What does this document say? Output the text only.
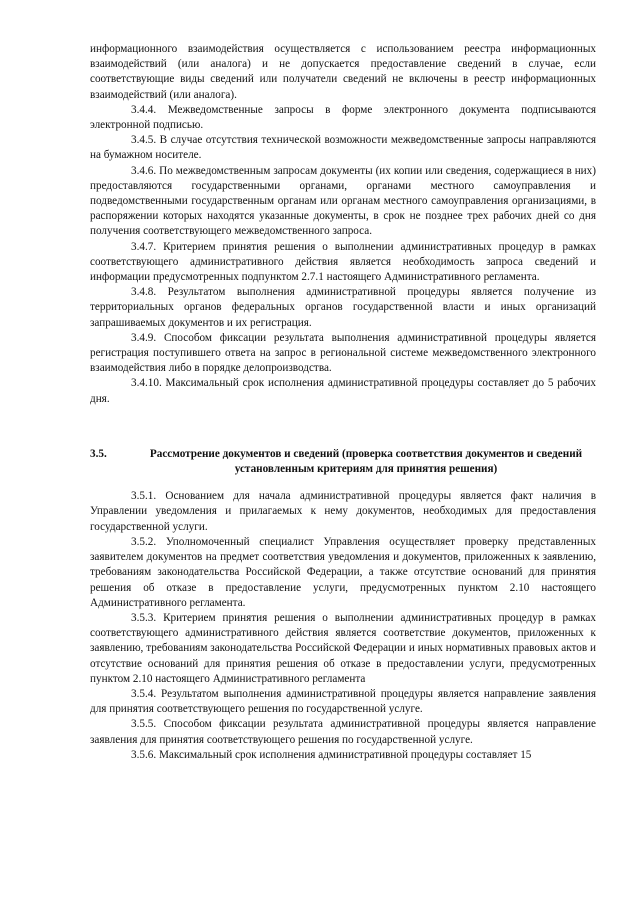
информационного взаимодействия осуществляется с использованием реестра информационных взаимодействий (или аналога) и не допускается предоставление сведений в случае, если соответствующие виды сведений или получатели сведений не включены в реестр информационных взаимодействий (или аналога).

3.4.4. Межведомственные запросы в форме электронного документа подписываются электронной подписью.

3.4.5. В случае отсутствия технической возможности межведомственные запросы направляются на бумажном носителе.

3.4.6. По межведомственным запросам документы (их копии или сведения, содержащиеся в них) предоставляются государственными органами, органами местного самоуправления и подведомственными государственным органам или органам местного самоуправления организациями, в распоряжении которых находятся указанные документы, в срок не позднее трех рабочих дней со дня получения соответствующего межведомственного запроса.

3.4.7. Критерием принятия решения о выполнении административных процедур в рамках соответствующего административного действия является необходимость запроса сведений и информации предусмотренных подпунктом 2.7.1 настоящего Административного регламента.

3.4.8. Результатом выполнения административной процедуры является получение из территориальных органов федеральных органов государственной власти и иных организаций запрашиваемых документов и их регистрация.

3.4.9. Способом фиксации результата выполнения административной процедуры является регистрация поступившего ответа на запрос в региональной системе межведомственного электронного взаимодействия либо в порядке делопроизводства.

3.4.10. Максимальный срок исполнения административной процедуры составляет до 5 рабочих дня.

3.5.	Рассмотрение документов и сведений (проверка соответствия документов и сведений установленным критериям для принятия решения)

3.5.1. Основанием для начала административной процедуры является факт наличия в Управлении уведомления и прилагаемых к нему документов, необходимых для предоставления государственной услуги.

3.5.2. Уполномоченный специалист Управления осуществляет проверку представленных заявителем документов на предмет соответствия уведомления и документов, приложенных к заявлению, требованиям законодательства Российской Федерации, а также отсутствие оснований для принятия решения об отказе в предоставление услуги, предусмотренных пунктом 2.10 настоящего Административного регламента.

3.5.3. Критерием принятия решения о выполнении административных процедур в рамках соответствующего административного действия является соответствие документов, приложенных к заявлению, требованиям законодательства Российской Федерации и иных нормативных правовых актов и отсутствие оснований для принятия решения об отказе в предоставлении услуги, предусмотренных пунктом 2.10 настоящего Административного регламента

3.5.4. Результатом выполнения административной процедуры является направление заявления для принятия соответствующего решения по государственной услуге.

3.5.5. Способом фиксации результата административной процедуры является направление заявления для принятия соответствующего решения по государственной услуге.

3.5.6. Максимальный срок исполнения административной процедуры составляет 15
